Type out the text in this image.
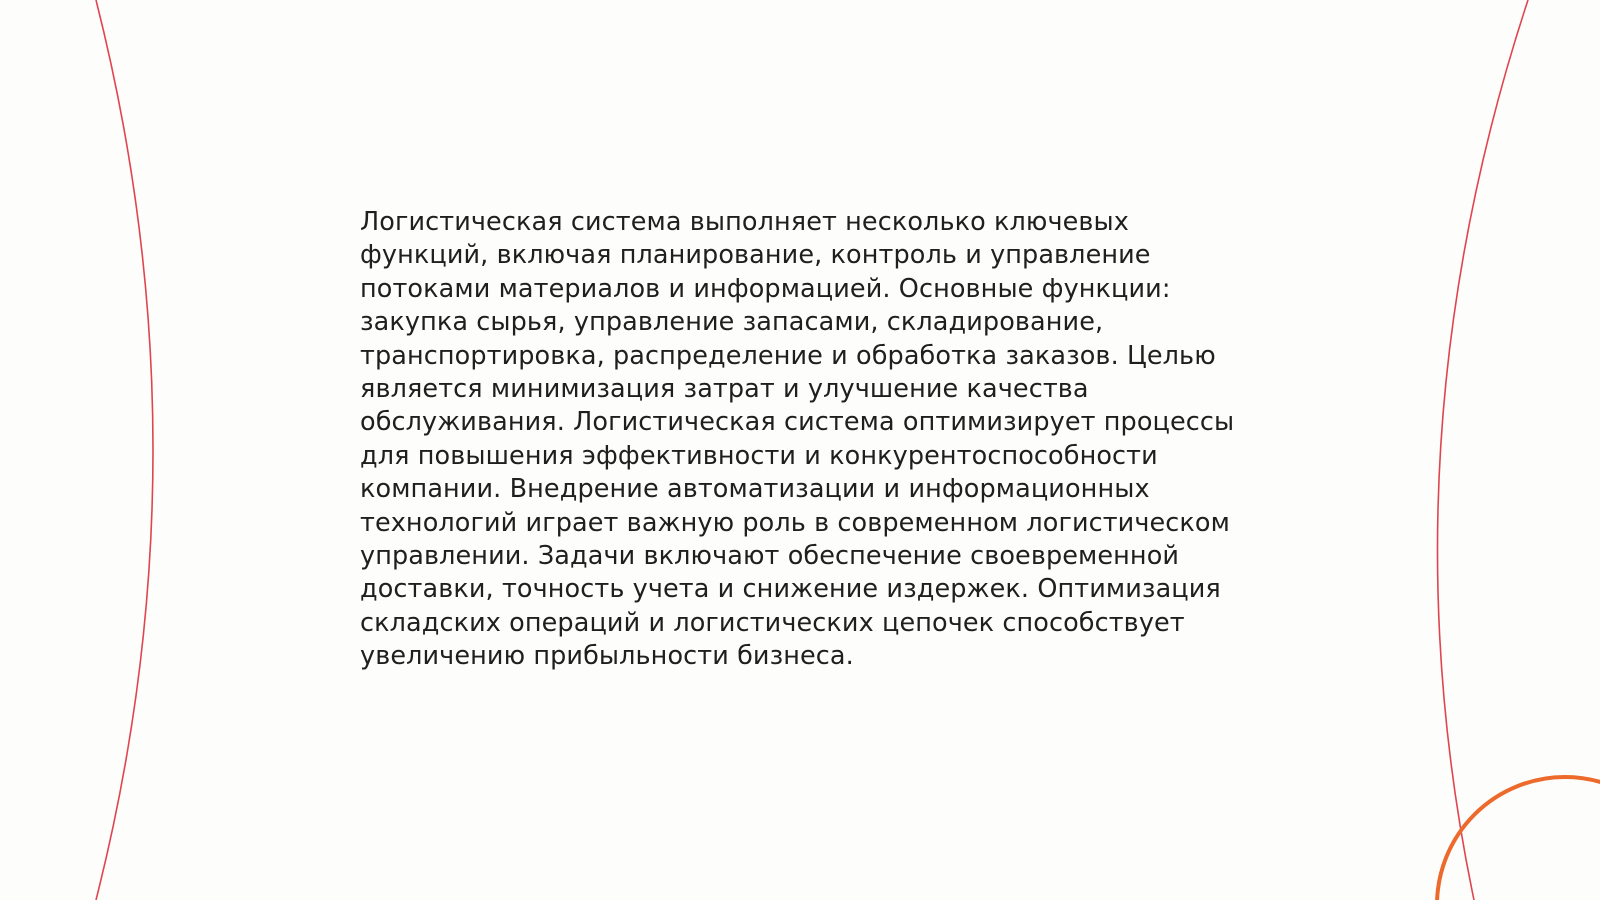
Логистическая система выполняет несколько ключевых
функций, включая планирование, контроль и управление
потоками материалов и информацией. Основные функции:
закупка сырья, управление запасами, складирование,
транспортировка, распределение и обработка заказов. Целью
является минимизация затрат и улучшение качества
обслуживания. Логистическая система оптимизирует процессы
для повышения эффективности и конкурентоспособности
компании. Внедрение автоматизации и информационных
технологий играет важную роль в современном логистическом
управлении. Задачи включают обеспечение своевременной
доставки, точность учета и снижение издержек. Оптимизация
складских операций и логистических цепочек способствует
увеличению прибыльности бизнеса.
